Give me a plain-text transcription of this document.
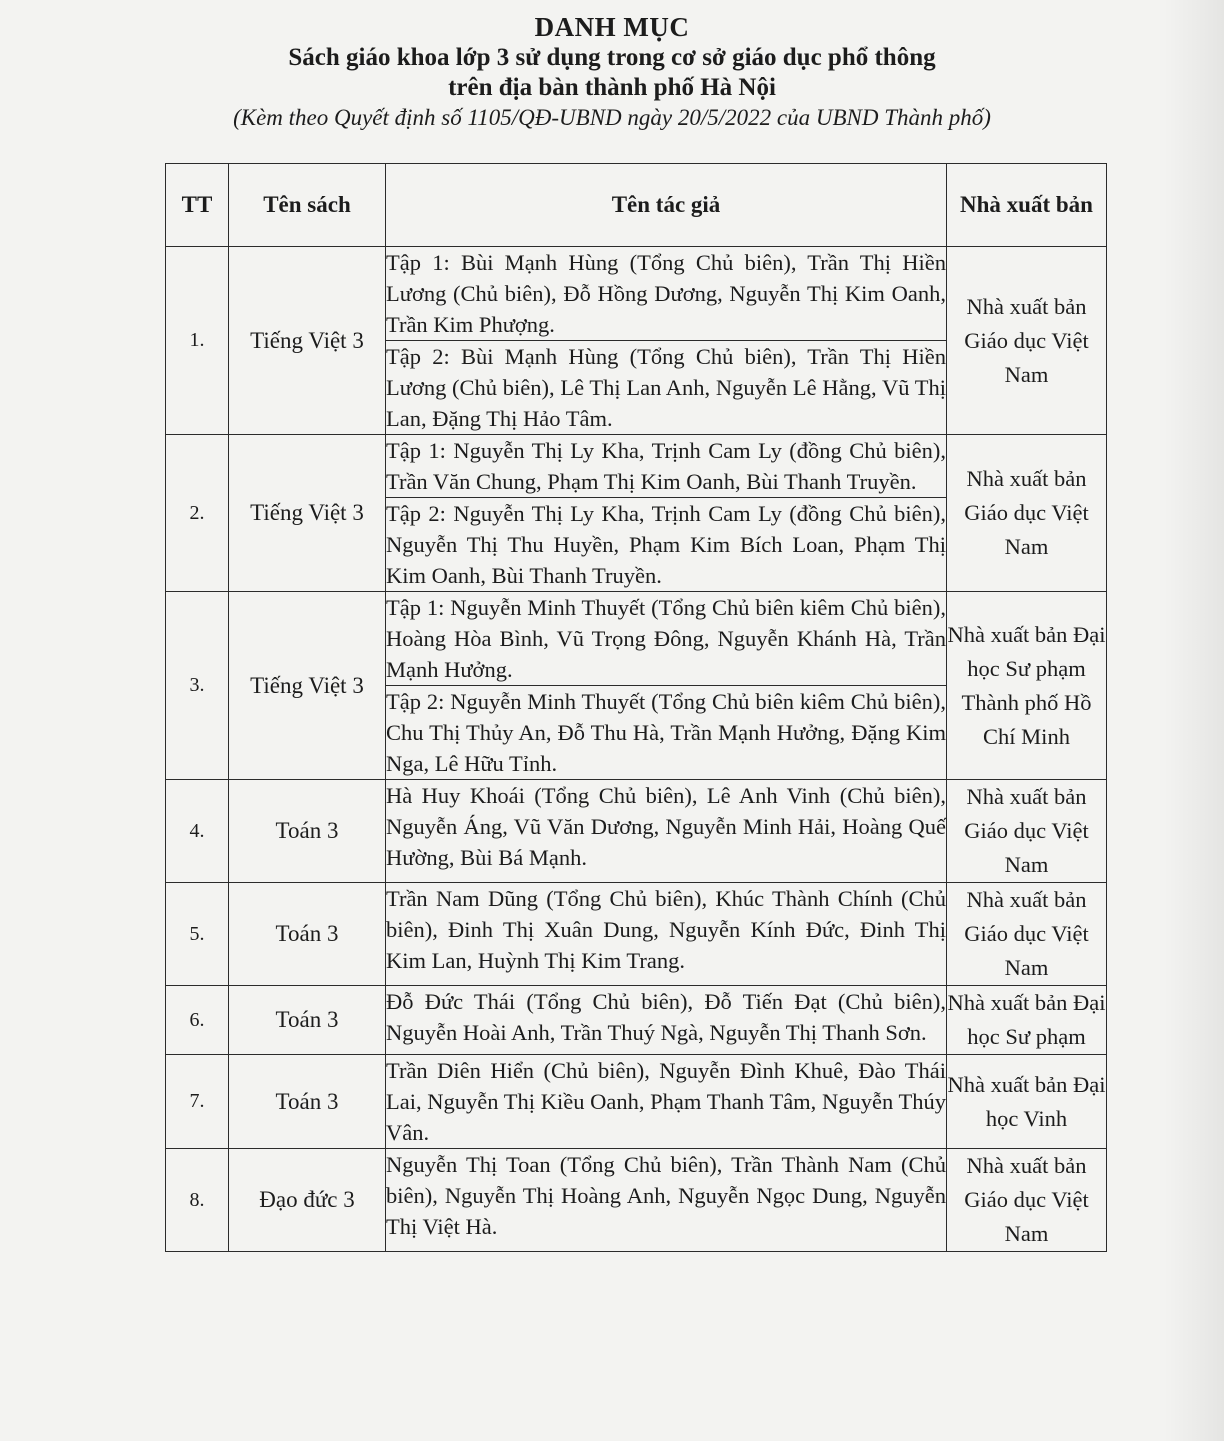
DANH MỤC
Sách giáo khoa lớp 3 sử dụng trong cơ sở giáo dục phổ thông
trên địa bàn thành phố Hà Nội
(Kèm theo Quyết định số 1105/QĐ-UBND ngày 20/5/2022 của UBND Thành phố)
TT	Tên sách	Tên tác giả	Nhà xuất bản
1.	Tiếng Việt 3	Tập 1: Bùi Mạnh Hùng (Tổng Chủ biên), Trần Thị Hiền Lương (Chủ biên), Đỗ Hồng Dương, Nguyễn Thị Kim Oanh, Trần Kim Phượng.	Nhà xuất bản Giáo dục Việt Nam
		Tập 2: Bùi Mạnh Hùng (Tổng Chủ biên), Trần Thị Hiền Lương (Chủ biên), Lê Thị Lan Anh, Nguyễn Lê Hằng, Vũ Thị Lan, Đặng Thị Hảo Tâm.	
2.	Tiếng Việt 3	Tập 1: Nguyễn Thị Ly Kha, Trịnh Cam Ly (đồng Chủ biên), Trần Văn Chung, Phạm Thị Kim Oanh, Bùi Thanh Truyền.	Nhà xuất bản Giáo dục Việt Nam
		Tập 2: Nguyễn Thị Ly Kha, Trịnh Cam Ly (đồng Chủ biên), Nguyễn Thị Thu Huyền, Phạm Kim Bích Loan, Phạm Thị Kim Oanh, Bùi Thanh Truyền.	
3.	Tiếng Việt 3	Tập 1: Nguyễn Minh Thuyết (Tổng Chủ biên kiêm Chủ biên), Hoàng Hòa Bình, Vũ Trọng Đông, Nguyễn Khánh Hà, Trần Mạnh Hưởng.	Nhà xuất bản Đại học Sư phạm Thành phố Hồ Chí Minh
		Tập 2: Nguyễn Minh Thuyết (Tổng Chủ biên kiêm Chủ biên), Chu Thị Thủy An, Đỗ Thu Hà, Trần Mạnh Hưởng, Đặng Kim Nga, Lê Hữu Tỉnh.	
4.	Toán 3	Hà Huy Khoái (Tổng Chủ biên), Lê Anh Vinh (Chủ biên), Nguyễn Áng, Vũ Văn Dương, Nguyễn Minh Hải, Hoàng Quế Hường, Bùi Bá Mạnh.	Nhà xuất bản Giáo dục Việt Nam
5.	Toán 3	Trần Nam Dũng (Tổng Chủ biên), Khúc Thành Chính (Chủ biên), Đinh Thị Xuân Dung, Nguyễn Kính Đức, Đinh Thị Kim Lan, Huỳnh Thị Kim Trang.	Nhà xuất bản Giáo dục Việt Nam
6.	Toán 3	Đỗ Đức Thái (Tổng Chủ biên), Đỗ Tiến Đạt (Chủ biên), Nguyễn Hoài Anh, Trần Thuý Ngà, Nguyễn Thị Thanh Sơn.	Nhà xuất bản Đại học Sư phạm
7.	Toán 3	Trần Diên Hiển (Chủ biên), Nguyễn Đình Khuê, Đào Thái Lai, Nguyễn Thị Kiều Oanh, Phạm Thanh Tâm, Nguyễn Thúy Vân.	Nhà xuất bản Đại học Vinh
8.	Đạo đức 3	Nguyễn Thị Toan (Tổng Chủ biên), Trần Thành Nam (Chủ biên), Nguyễn Thị Hoàng Anh, Nguyễn Ngọc Dung, Nguyễn Thị Việt Hà.	Nhà xuất bản Giáo dục Việt Nam
